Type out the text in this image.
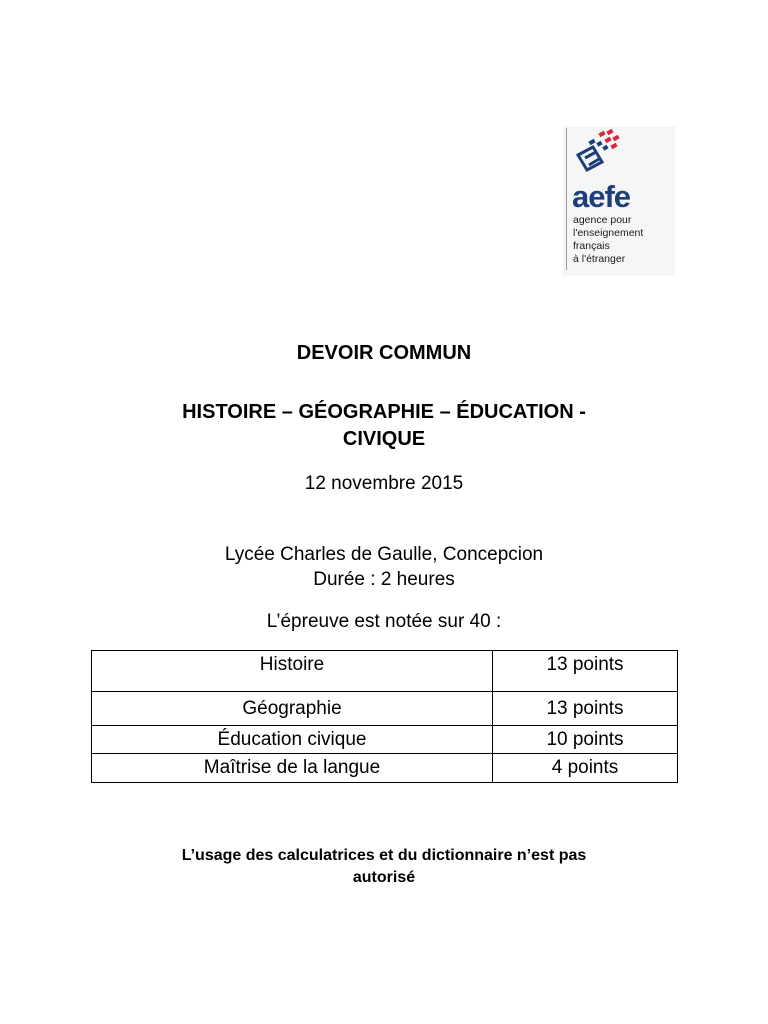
aefe
agence pour
l'enseignement
français
à l'étranger
DEVOIR COMMUN
HISTOIRE – GÉOGRAPHIE – ÉDUCATION -
CIVIQUE
12 novembre 2015
Lycée Charles de Gaulle, Concepcion
Durée : 2 heures
L’épreuve est notée sur 40 :
Histoire	13 points
Géographie	13 points
Éducation civique	10 points
Maîtrise de la langue	4 points
L’usage des calculatrices et du dictionnaire n’est pas
autorisé
